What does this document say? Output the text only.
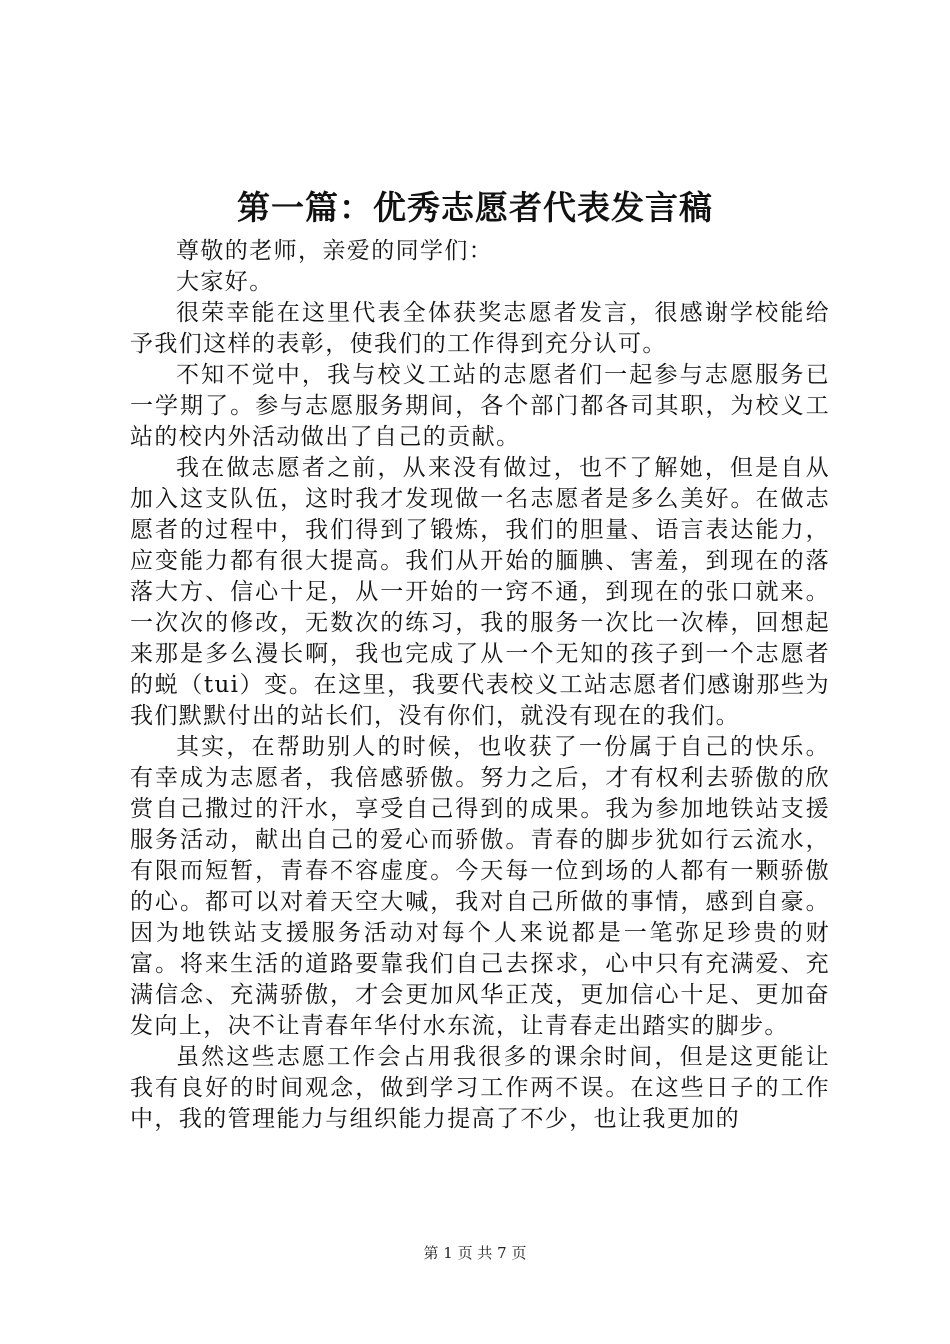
第一篇：优秀志愿者代表发言稿

尊敬的老师，亲爱的同学们：

大家好。

很荣幸能在这里代表全体获奖志愿者发言，很感谢学校能给予我们这样的表彰，使我们的工作得到充分认可。

不知不觉中，我与校义工站的志愿者们一起参与志愿服务已一学期了。参与志愿服务期间，各个部门都各司其职，为校义工站的校内外活动做出了自己的贡献。

我在做志愿者之前，从来没有做过，也不了解她，但是自从加入这支队伍，这时我才发现做一名志愿者是多么美好。在做志愿者的过程中，我们得到了锻炼，我们的胆量、语言表达能力，应变能力都有很大提高。我们从开始的腼腆、害羞，到现在的落落大方、信心十足，从一开始的一窍不通，到现在的张口就来。一次次的修改，无数次的练习，我的服务一次比一次棒，回想起来那是多么漫长啊，我也完成了从一个无知的孩子到一个志愿者的蜕（tui）变。在这里，我要代表校义工站志愿者们感谢那些为我们默默付出的站长们，没有你们，就没有现在的我们。

其实，在帮助别人的时候，也收获了一份属于自己的快乐。有幸成为志愿者，我倍感骄傲。努力之后，才有权利去骄傲的欣赏自己撒过的汗水，享受自己得到的成果。我为参加地铁站支援服务活动，献出自己的爱心而骄傲。青春的脚步犹如行云流水，有限而短暂，青春不容虚度。今天每一位到场的人都有一颗骄傲的心。都可以对着天空大喊，我对自己所做的事情，感到自豪。因为地铁站支援服务活动对每个人来说都是一笔弥足珍贵的财富。将来生活的道路要靠我们自己去探求，心中只有充满爱、充满信念、充满骄傲，才会更加风华正茂，更加信心十足、更加奋发向上，决不让青春年华付水东流，让青春走出踏实的脚步。

虽然这些志愿工作会占用我很多的课余时间，但是这更能让我有良好的时间观念，做到学习工作两不误。在这些日子的工作中，我的管理能力与组织能力提高了不少，也让我更加的

第 1 页 共 7 页
